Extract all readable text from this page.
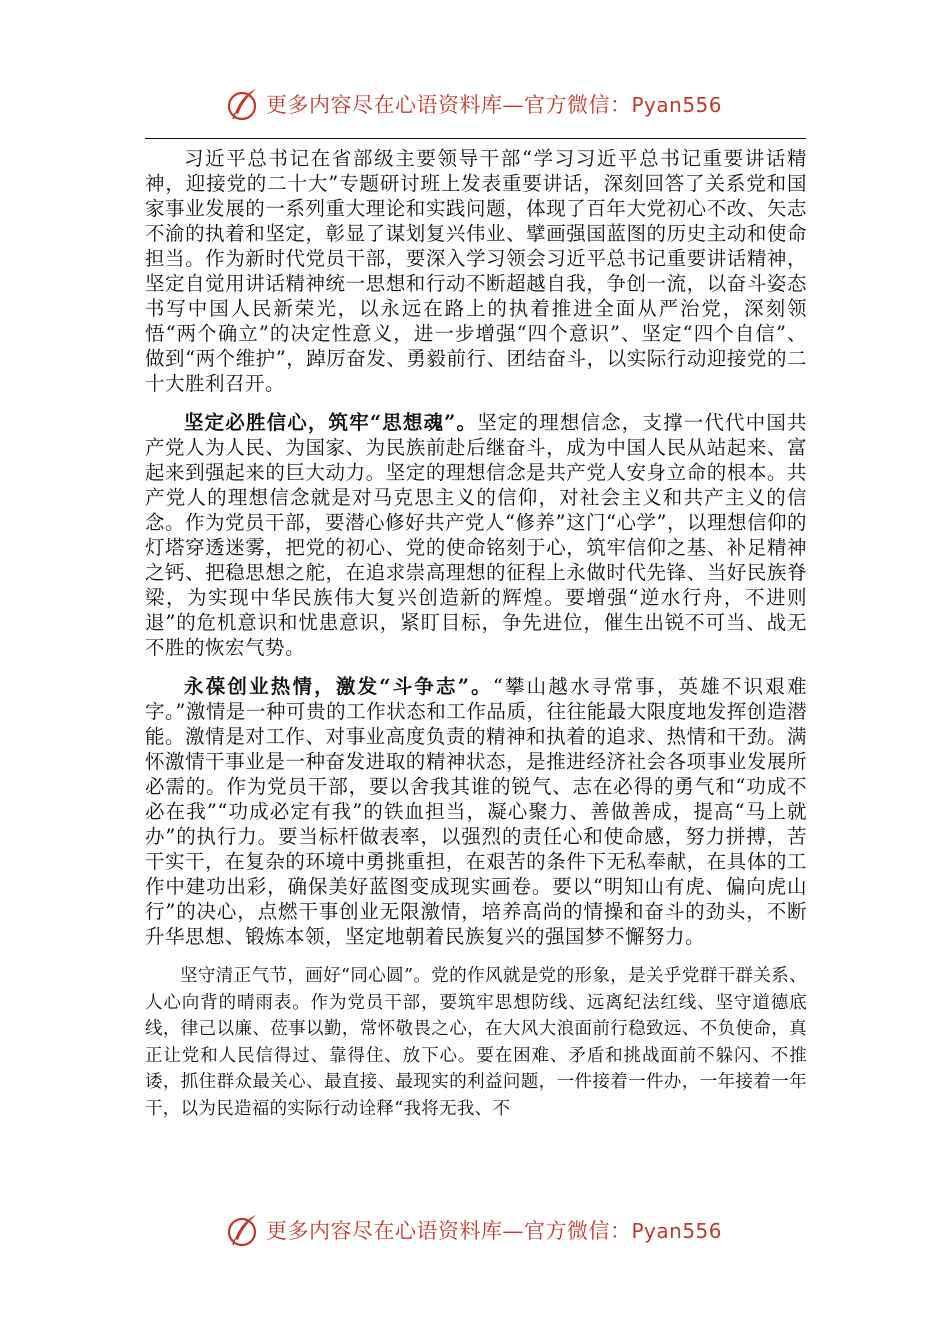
更多内容尽在心语资料库—官方微信：Pyan556

习近平总书记在省部级主要领导干部“学习习近平总书记重要讲话精神，迎接党的二十大”专题研讨班上发表重要讲话，深刻回答了关系党和国家事业发展的一系列重大理论和实践问题，体现了百年大党初心不改、矢志不渝的执着和坚定，彰显了谋划复兴伟业、擘画强国蓝图的历史主动和使命担当。作为新时代党员干部，要深入学习领会习近平总书记重要讲话精神，坚定自觉用讲话精神统一思想和行动不断超越自我，争创一流，以奋斗姿态书写中国人民新荣光，以永远在路上的执着推进全面从严治党，深刻领悟“两个确立”的决定性意义，进一步增强“四个意识”、坚定“四个自信”、做到“两个维护”，踔厉奋发、勇毅前行、团结奋斗，以实际行动迎接党的二十大胜利召开。

坚定必胜信心，筑牢“思想魂”。坚定的理想信念，支撑一代代中国共产党人为人民、为国家、为民族前赴后继奋斗，成为中国人民从站起来、富起来到强起来的巨大动力。坚定的理想信念是共产党人安身立命的根本。共产党人的理想信念就是对马克思主义的信仰，对社会主义和共产主义的信念。作为党员干部，要潜心修好共产党人“修养”这门“心学”，以理想信仰的灯塔穿透迷雾，把党的初心、党的使命铭刻于心，筑牢信仰之基、补足精神之钙、把稳思想之舵，在追求崇高理想的征程上永做时代先锋、当好民族脊梁，为实现中华民族伟大复兴创造新的辉煌。要增强“逆水行舟，不进则退”的危机意识和忧患意识，紧盯目标，争先进位，催生出锐不可当、战无不胜的恢宏气势。

永葆创业热情，激发“斗争志”。“攀山越水寻常事，英雄不识艰难字。”激情是一种可贵的工作状态和工作品质，往往能最大限度地发挥创造潜能。激情是对工作、对事业高度负责的精神和执着的追求、热情和干劲。满怀激情干事业是一种奋发进取的精神状态，是推进经济社会各项事业发展所必需的。作为党员干部，要以舍我其谁的锐气、志在必得的勇气和“功成不必在我”“功成必定有我”的铁血担当，凝心聚力、善做善成，提高“马上就办”的执行力。要当标杆做表率，以强烈的责任心和使命感，努力拼搏，苦干实干，在复杂的环境中勇挑重担，在艰苦的条件下无私奉献，在具体的工作中建功出彩，确保美好蓝图变成现实画卷。要以“明知山有虎、偏向虎山行”的决心，点燃干事创业无限激情，培养高尚的情操和奋斗的劲头，不断升华思想、锻炼本领，坚定地朝着民族复兴的强国梦不懈努力。

坚守清正气节，画好“同心圆”。党的作风就是党的形象，是关乎党群干群关系、人心向背的晴雨表。作为党员干部，要筑牢思想防线、远离纪法红线、坚守道德底线，律己以廉、莅事以勤，常怀敬畏之心，在大风大浪面前行稳致远、不负使命，真正让党和人民信得过、靠得住、放下心。要在困难、矛盾和挑战面前不躲闪、不推诿，抓住群众最关心、最直接、最现实的利益问题，一件接着一件办，一年接着一年干，以为民造福的实际行动诠释“我将无我、不

更多内容尽在心语资料库—官方微信：Pyan556
